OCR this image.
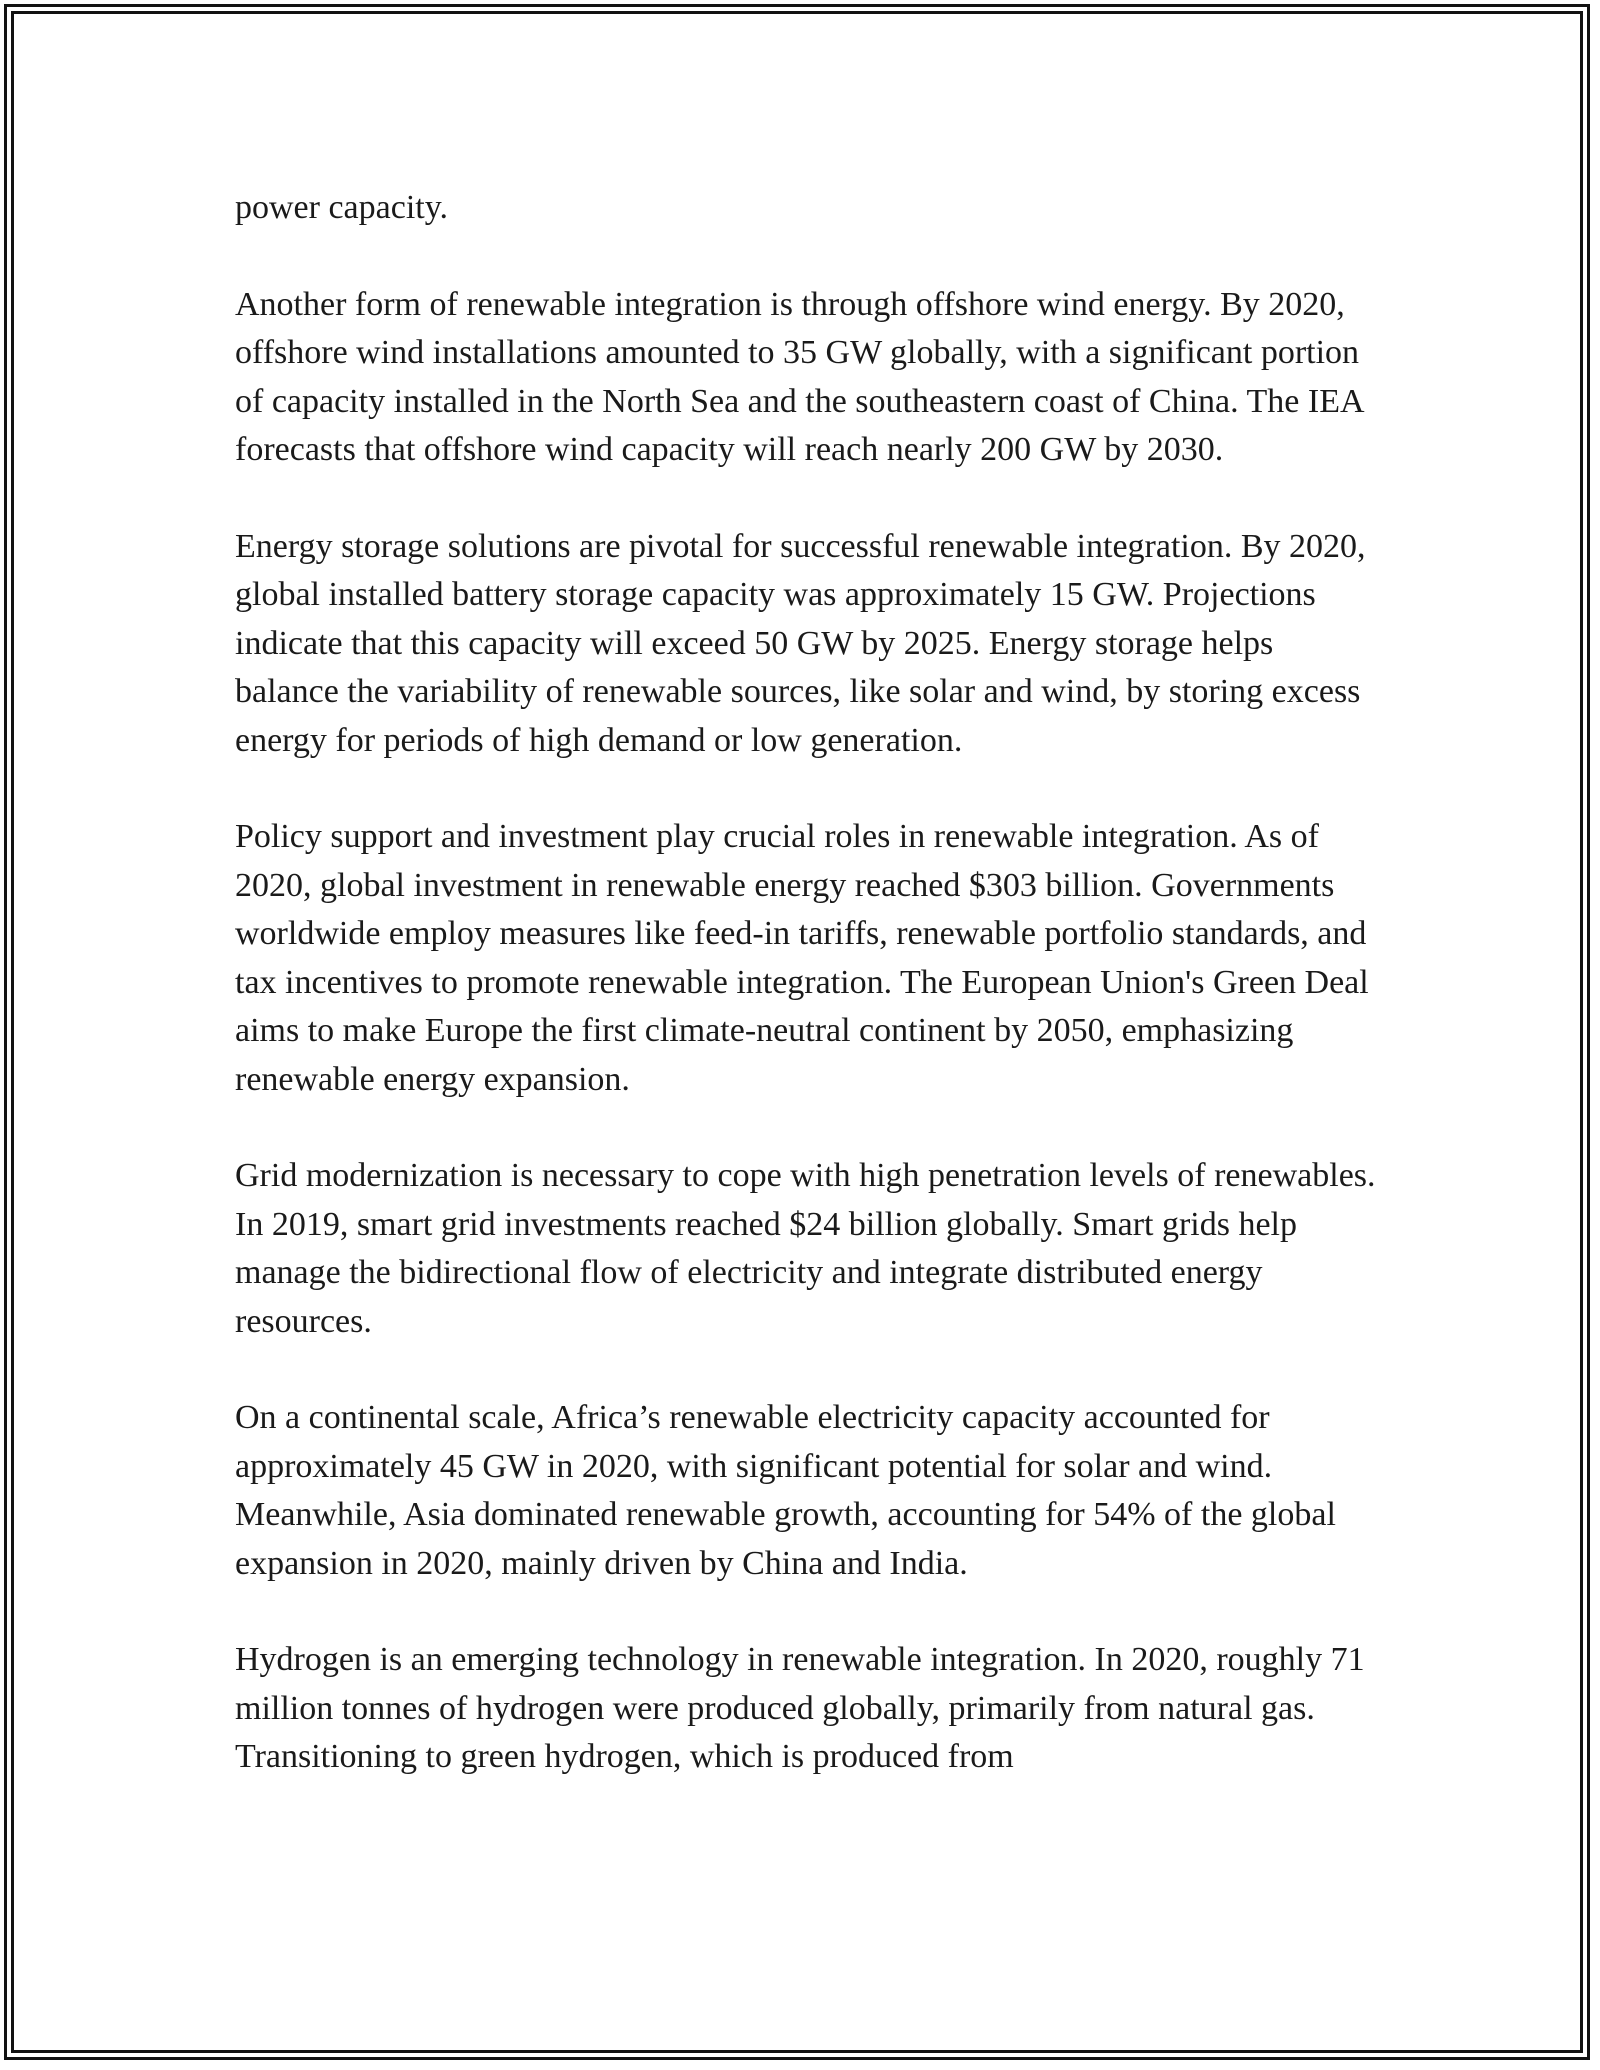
power capacity.

Another form of renewable integration is through offshore wind energy. By 2020, offshore wind installations amounted to 35 GW globally, with a significant portion of capacity installed in the North Sea and the southeastern coast of China. The IEA forecasts that offshore wind capacity will reach nearly 200 GW by 2030.

Energy storage solutions are pivotal for successful renewable integration. By 2020, global installed battery storage capacity was approximately 15 GW. Projections indicate that this capacity will exceed 50 GW by 2025. Energy storage helps balance the variability of renewable sources, like solar and wind, by storing excess energy for periods of high demand or low generation.

Policy support and investment play crucial roles in renewable integration. As of 2020, global investment in renewable energy reached $303 billion. Governments worldwide employ measures like feed-in tariffs, renewable portfolio standards, and tax incentives to promote renewable integration. The European Union's Green Deal aims to make Europe the first climate-neutral continent by 2050, emphasizing renewable energy expansion.

Grid modernization is necessary to cope with high penetration levels of renewables. In 2019, smart grid investments reached $24 billion globally. Smart grids help manage the bidirectional flow of electricity and integrate distributed energy resources.

On a continental scale, Africa’s renewable electricity capacity accounted for approximately 45 GW in 2020, with significant potential for solar and wind. Meanwhile, Asia dominated renewable growth, accounting for 54% of the global expansion in 2020, mainly driven by China and India.

Hydrogen is an emerging technology in renewable integration. In 2020, roughly 71 million tonnes of hydrogen were produced globally, primarily from natural gas. Transitioning to green hydrogen, which is produced from
